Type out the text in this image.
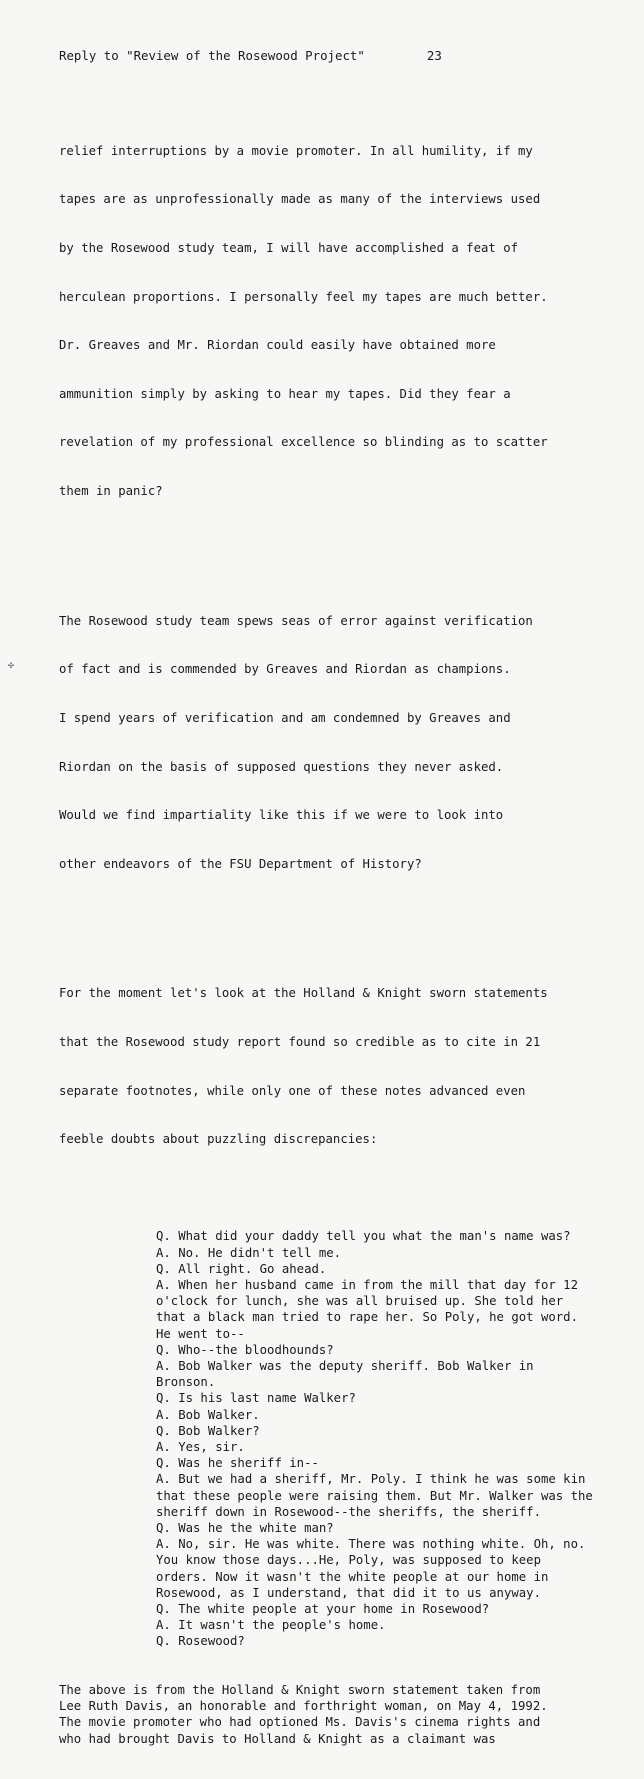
Reply to "Review of the Rosewood Project"	23

relief interruptions by a movie promoter. In all humility, if my

tapes are as unprofessionally made as many of the interviews used

by the Rosewood study team, I will have accomplished a feat of

herculean proportions. I personally feel my tapes are much better.

Dr. Greaves and Mr. Riordan could easily have obtained more

ammunition simply by asking to hear my tapes. Did they fear a

revelation of my professional excellence so blinding as to scatter

them in panic?

The Rosewood study team spews seas of error against verification

of fact and is commended by Greaves and Riordan as champions.

I spend years of verification and am condemned by Greaves and

Riordan on the basis of supposed questions they never asked.

Would we find impartiality like this if we were to look into

other endeavors of the FSU Department of History?

For the moment let's look at the Holland & Knight sworn statements

that the Rosewood study report found so credible as to cite in 21

separate footnotes, while only one of these notes advanced even

feeble doubts about puzzling discrepancies:

Q. What did your daddy tell you what the man's name was?
A. No. He didn't tell me.
Q. All right. Go ahead.
A. When her husband came in from the mill that day for 12
o'clock for lunch, she was all bruised up. She told her
that a black man tried to rape her. So Poly, he got word.
He went to--
Q. Who--the bloodhounds?
A. Bob Walker was the deputy sheriff. Bob Walker in
Bronson.
Q. Is his last name Walker?
A. Bob Walker.
Q. Bob Walker?
A. Yes, sir.
Q. Was he sheriff in--
A. But we had a sheriff, Mr. Poly. I think he was some kin
that these people were raising them. But Mr. Walker was the
sheriff down in Rosewood--the sheriffs, the sheriff.
Q. Was he the white man?
A. No, sir. He was white. There was nothing white. Oh, no.
You know those days...He, Poly, was supposed to keep
orders. Now it wasn't the white people at our home in
Rosewood, as I understand, that did it to us anyway.
Q. The white people at your home in Rosewood?
A. It wasn't the people's home.
Q. Rosewood?

The above is from the Holland & Knight sworn statement taken from
Lee Ruth Davis, an honorable and forthright woman, on May 4, 1992.
The movie promoter who had optioned Ms. Davis's cinema rights and
who had brought Davis to Holland & Knight as a claimant was

✣
